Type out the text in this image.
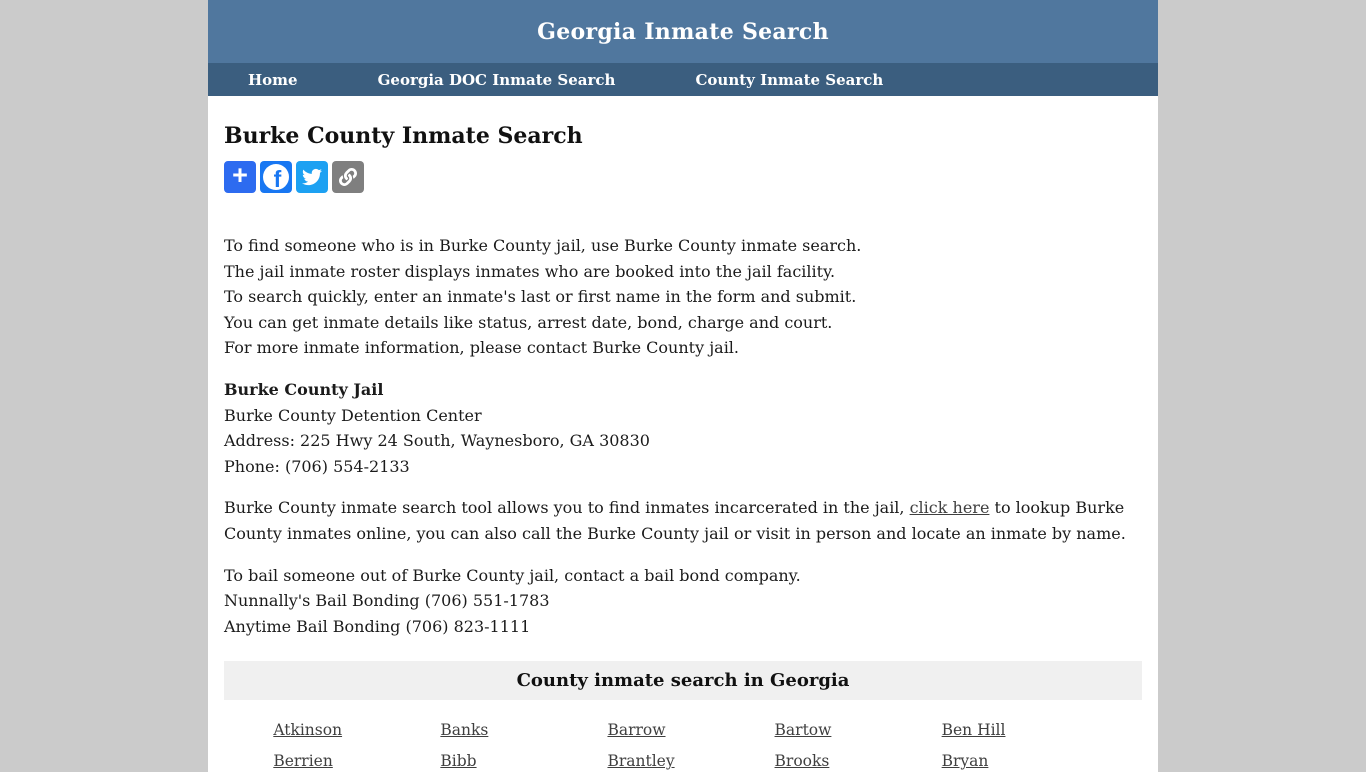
Georgia Inmate Search
Home	Georgia DOC Inmate Search	County Inmate Search
Burke County Inmate Search
+ f
To find someone who is in Burke County jail, use Burke County inmate search.
The jail inmate roster displays inmates who are booked into the jail facility.
To search quickly, enter an inmate's last or first name in the form and submit.
You can get inmate details like status, arrest date, bond, charge and court.
For more inmate information, please contact Burke County jail.
Burke County Jail
Burke County Detention Center
Address: 225 Hwy 24 South, Waynesboro, GA 30830
Phone: (706) 554-2133
Burke County inmate search tool allows you to find inmates incarcerated in the jail, click here to lookup Burke County inmates online, you can also call the Burke County jail or visit in person and locate an inmate by name.
To bail someone out of Burke County jail, contact a bail bond company.
Nunnally's Bail Bonding (706) 551-1783
Anytime Bail Bonding (706) 823-1111
County inmate search in Georgia
Atkinson	Banks	Barrow	Bartow	Ben Hill
Berrien	Bibb	Brantley	Brooks	Bryan
